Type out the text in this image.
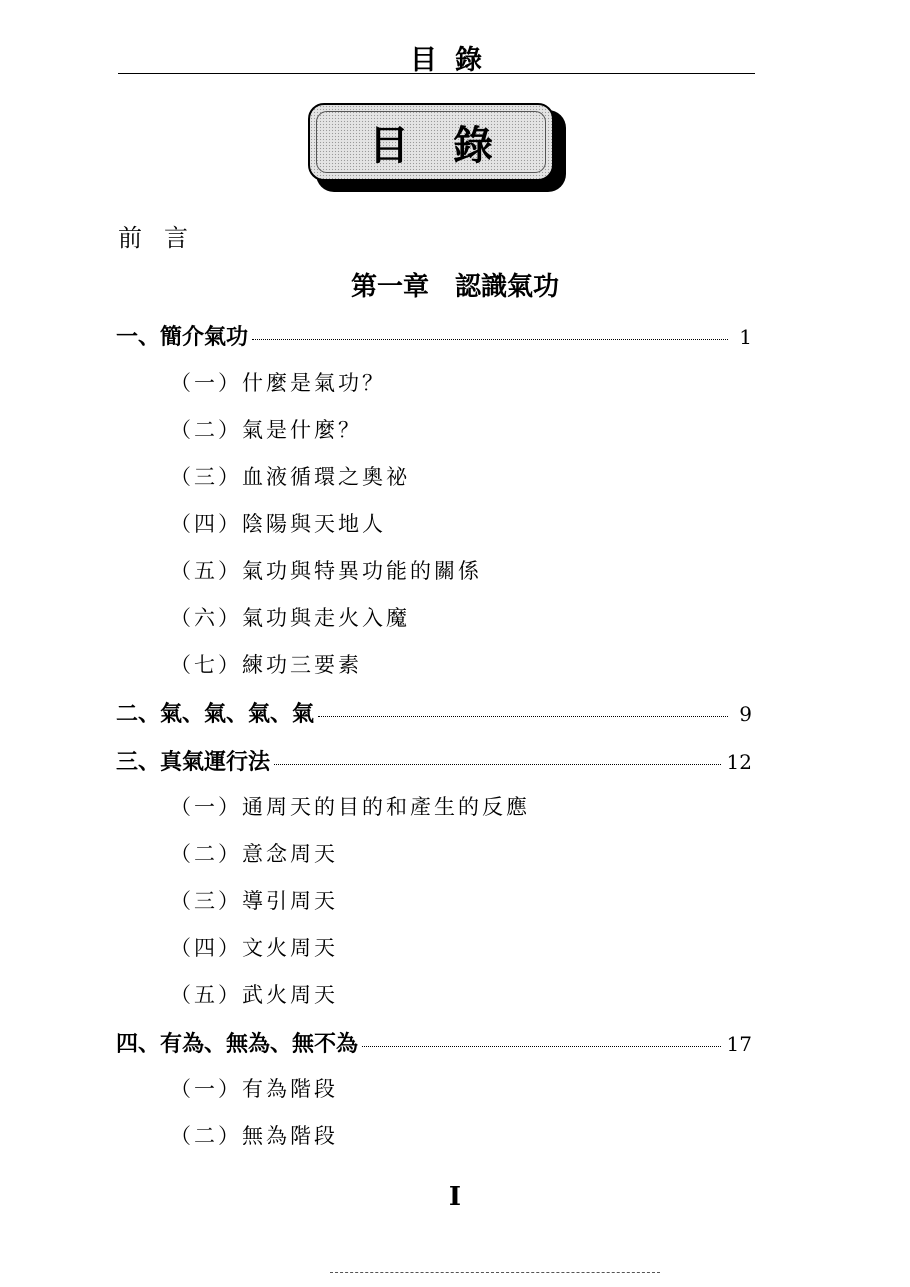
目錄
目錄
前言
第一章　認識氣功
一、簡介氣功	1
（一）什麼是氣功？
（二）氣是什麼？
（三）血液循環之奧祕
（四）陰陽與天地人
（五）氣功與特異功能的關係
（六）氣功與走火入魔
（七）練功三要素
二、氣、氣、氣、氣	9
三、真氣運行法	12
（一）通周天的目的和產生的反應
（二）意念周天
（三）導引周天
（四）文火周天
（五）武火周天
四、有為、無為、無不為	17
（一）有為階段
（二）無為階段
I
